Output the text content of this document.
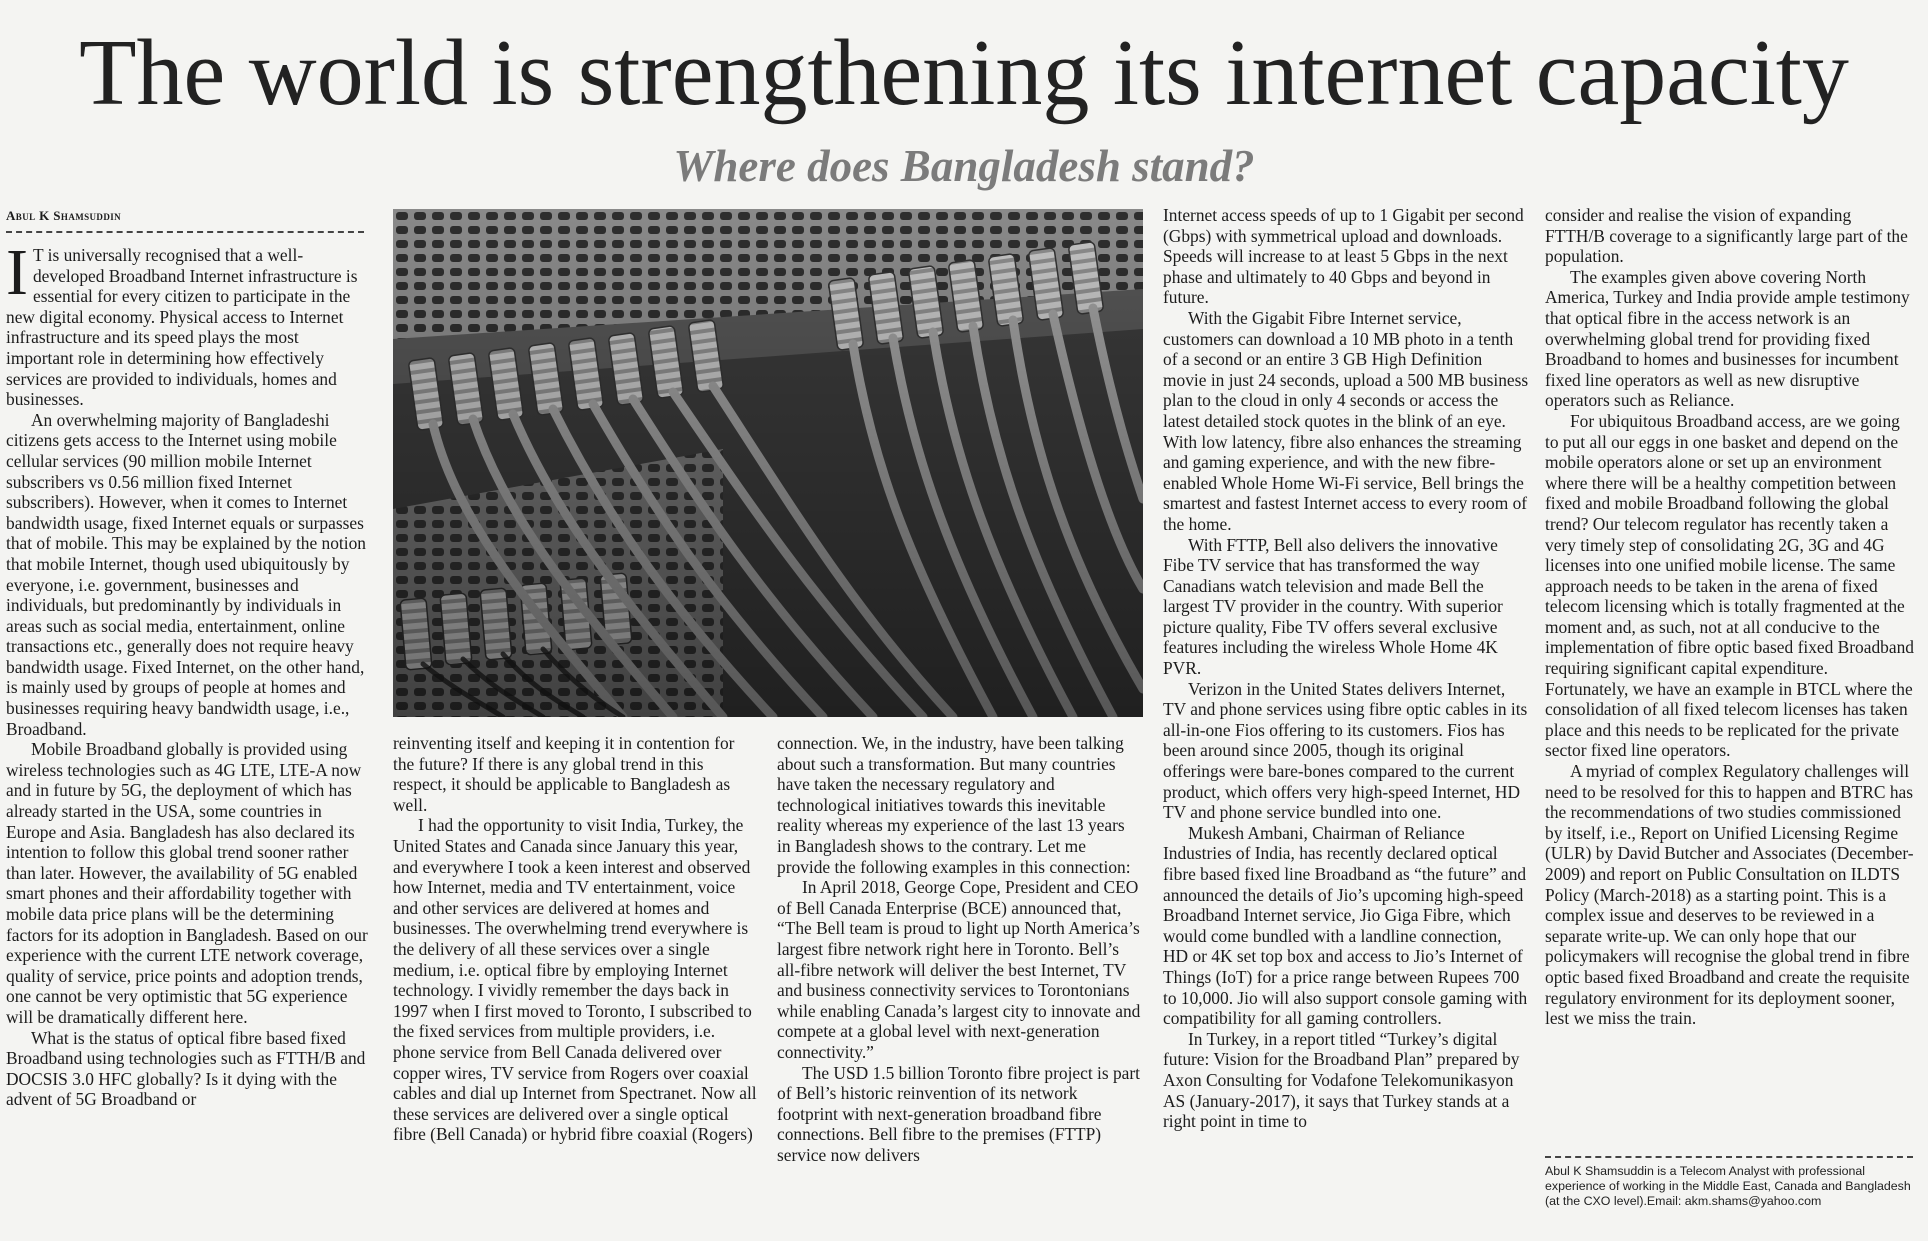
The world is strengthening its internet capacity
Where does Bangladesh stand?
Abul K Shamsuddin

I T is universally recognised that a well-developed Broadband Internet infrastructure is essential for every citizen to participate in the new digital economy. Physical access to Internet infrastructure and its speed plays the most important role in determining how effectively services are provided to individuals, homes and businesses.

An overwhelming majority of Bangladeshi citizens gets access to the Internet using mobile cellular services (90 million mobile Internet subscribers vs 0.56 million fixed Internet subscribers). However, when it comes to Internet bandwidth usage, fixed Internet equals or surpasses that of mobile. This may be explained by the notion that mobile Internet, though used ubiquitously by everyone, i.e. government, businesses and individuals, but predominantly by individuals in areas such as social media, entertainment, online transactions etc., generally does not require heavy bandwidth usage. Fixed Internet, on the other hand, is mainly used by groups of people at homes and businesses requiring heavy bandwidth usage, i.e., Broadband.

Mobile Broadband globally is provided using wireless technologies such as 4G LTE, LTE-A now and in future by 5G, the deployment of which has already started in the USA, some countries in Europe and Asia. Bangladesh has also declared its intention to follow this global trend sooner rather than later. However, the availability of 5G enabled smart phones and their affordability together with mobile data price plans will be the determining factors for its adoption in Bangladesh. Based on our experience with the current LTE network coverage, quality of service, price points and adoption trends, one cannot be very optimistic that 5G experience will be dramatically different here.

What is the status of optical fibre based fixed Broadband using technologies such as FTTH/B and DOCSIS 3.0 HFC globally? Is it dying with the advent of 5G Broadband or

reinventing itself and keeping it in contention for the future? If there is any global trend in this respect, it should be applicable to Bangladesh as well.

I had the opportunity to visit India, Turkey, the United States and Canada since January this year, and everywhere I took a keen interest and observed how Internet, media and TV entertainment, voice and other services are delivered at homes and businesses. The overwhelming trend everywhere is the delivery of all these services over a single medium, i.e. optical fibre by employing Internet technology. I vividly remember the days back in 1997 when I first moved to Toronto, I subscribed to the fixed services from multiple providers, i.e. phone service from Bell Canada delivered over copper wires, TV service from Rogers over coaxial cables and dial up Internet from Spectranet. Now all these services are delivered over a single optical fibre (Bell Canada) or hybrid fibre coaxial (Rogers)

connection. We, in the industry, have been talking about such a transformation. But many countries have taken the necessary regulatory and technological initiatives towards this inevitable reality whereas my experience of the last 13 years in Bangladesh shows to the contrary. Let me provide the following examples in this connection:

In April 2018, George Cope, President and CEO of Bell Canada Enterprise (BCE) announced that, “The Bell team is proud to light up North America’s largest fibre network right here in Toronto. Bell’s all-fibre network will deliver the best Internet, TV and business connectivity services to Torontonians while enabling Canada’s largest city to innovate and compete at a global level with next-generation connectivity.”

The USD 1.5 billion Toronto fibre project is part of Bell’s historic reinvention of its network footprint with next-generation broadband fibre connections. Bell fibre to the premises (FTTP) service now delivers

Internet access speeds of up to 1 Gigabit per second (Gbps) with symmetrical upload and downloads. Speeds will increase to at least 5 Gbps in the next phase and ultimately to 40 Gbps and beyond in future.

With the Gigabit Fibre Internet service, customers can download a 10 MB photo in a tenth of a second or an entire 3 GB High Definition movie in just 24 seconds, upload a 500 MB business plan to the cloud in only 4 seconds or access the latest detailed stock quotes in the blink of an eye. With low latency, fibre also enhances the streaming and gaming experience, and with the new fibre-enabled Whole Home Wi-Fi service, Bell brings the smartest and fastest Internet access to every room of the home.

With FTTP, Bell also delivers the innovative Fibe TV service that has transformed the way Canadians watch television and made Bell the largest TV provider in the country. With superior picture quality, Fibe TV offers several exclusive features including the wireless Whole Home 4K PVR.

Verizon in the United States delivers Internet, TV and phone services using fibre optic cables in its all-in-one Fios offering to its customers. Fios has been around since 2005, though its original offerings were bare-bones compared to the current product, which offers very high-speed Internet, HD TV and phone service bundled into one.

Mukesh Ambani, Chairman of Reliance Industries of India, has recently declared optical fibre based fixed line Broadband as “the future” and announced the details of Jio’s upcoming high-speed Broadband Internet service, Jio Giga Fibre, which would come bundled with a landline connection, HD or 4K set top box and access to Jio’s Internet of Things (IoT) for a price range between Rupees 700 to 10,000. Jio will also support console gaming with compatibility for all gaming controllers.

In Turkey, in a report titled “Turkey’s digital future: Vision for the Broadband Plan” prepared by Axon Consulting for Vodafone Telekomunikasyon AS (January-2017), it says that Turkey stands at a right point in time to

consider and realise the vision of expanding FTTH/B coverage to a significantly large part of the population.

The examples given above covering North America, Turkey and India provide ample testimony that optical fibre in the access network is an overwhelming global trend for providing fixed Broadband to homes and businesses for incumbent fixed line operators as well as new disruptive operators such as Reliance.

For ubiquitous Broadband access, are we going to put all our eggs in one basket and depend on the mobile operators alone or set up an environment where there will be a healthy competition between fixed and mobile Broadband following the global trend? Our telecom regulator has recently taken a very timely step of consolidating 2G, 3G and 4G licenses into one unified mobile license. The same approach needs to be taken in the arena of fixed telecom licensing which is totally fragmented at the moment and, as such, not at all conducive to the implementation of fibre optic based fixed Broadband requiring significant capital expenditure. Fortunately, we have an example in BTCL where the consolidation of all fixed telecom licenses has taken place and this needs to be replicated for the private sector fixed line operators.

A myriad of complex Regulatory challenges will need to be resolved for this to happen and BTRC has the recommendations of two studies commissioned by itself, i.e., Report on Unified Licensing Regime (ULR) by David Butcher and Associates (December-2009) and report on Public Consultation on ILDTS Policy (March-2018) as a starting point. This is a complex issue and deserves to be reviewed in a separate write-up. We can only hope that our policymakers will recognise the global trend in fibre optic based fixed Broadband and create the requisite regulatory environment for its deployment sooner, lest we miss the train.

Abul K Shamsuddin is a Telecom Analyst with professional experience of working in the Middle East, Canada and Bangladesh (at the CXO level).Email: akm.shams@yahoo.com
